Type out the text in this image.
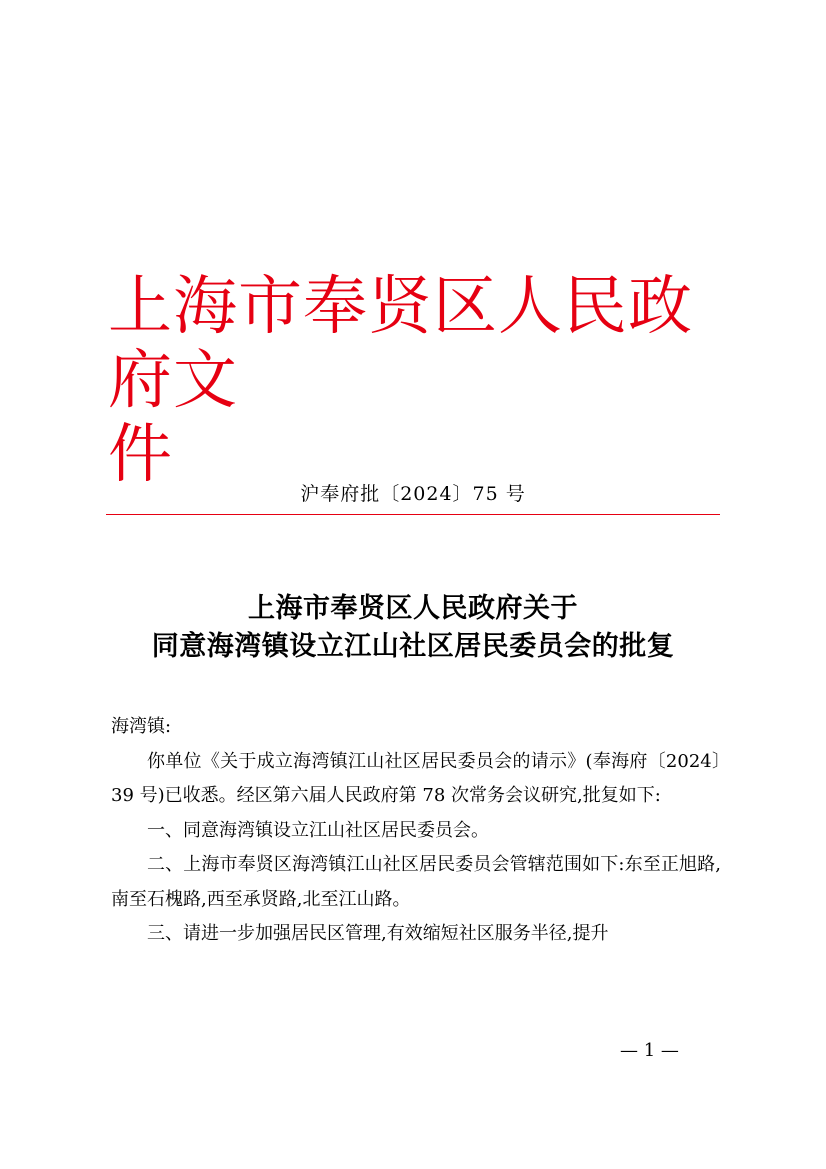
上海市奉贤区人民政府文
件
沪奉府批〔2024〕75 号
上海市奉贤区人民政府关于
同意海湾镇设立江山社区居民委员会的批复

海湾镇:

你单位《关于成立海湾镇江山社区居民委员会的请示》(奉海府〔2024〕39 号)已收悉。经区第六届人民政府第 78 次常务会议研究,批复如下:

一、同意海湾镇设立江山社区居民委员会。

二、上海市奉贤区海湾镇江山社区居民委员会管辖范围如下:东至正旭路,南至石槐路,西至承贤路,北至江山路。

三、请进一步加强居民区管理,有效缩短社区服务半径,提升

— 1 —
